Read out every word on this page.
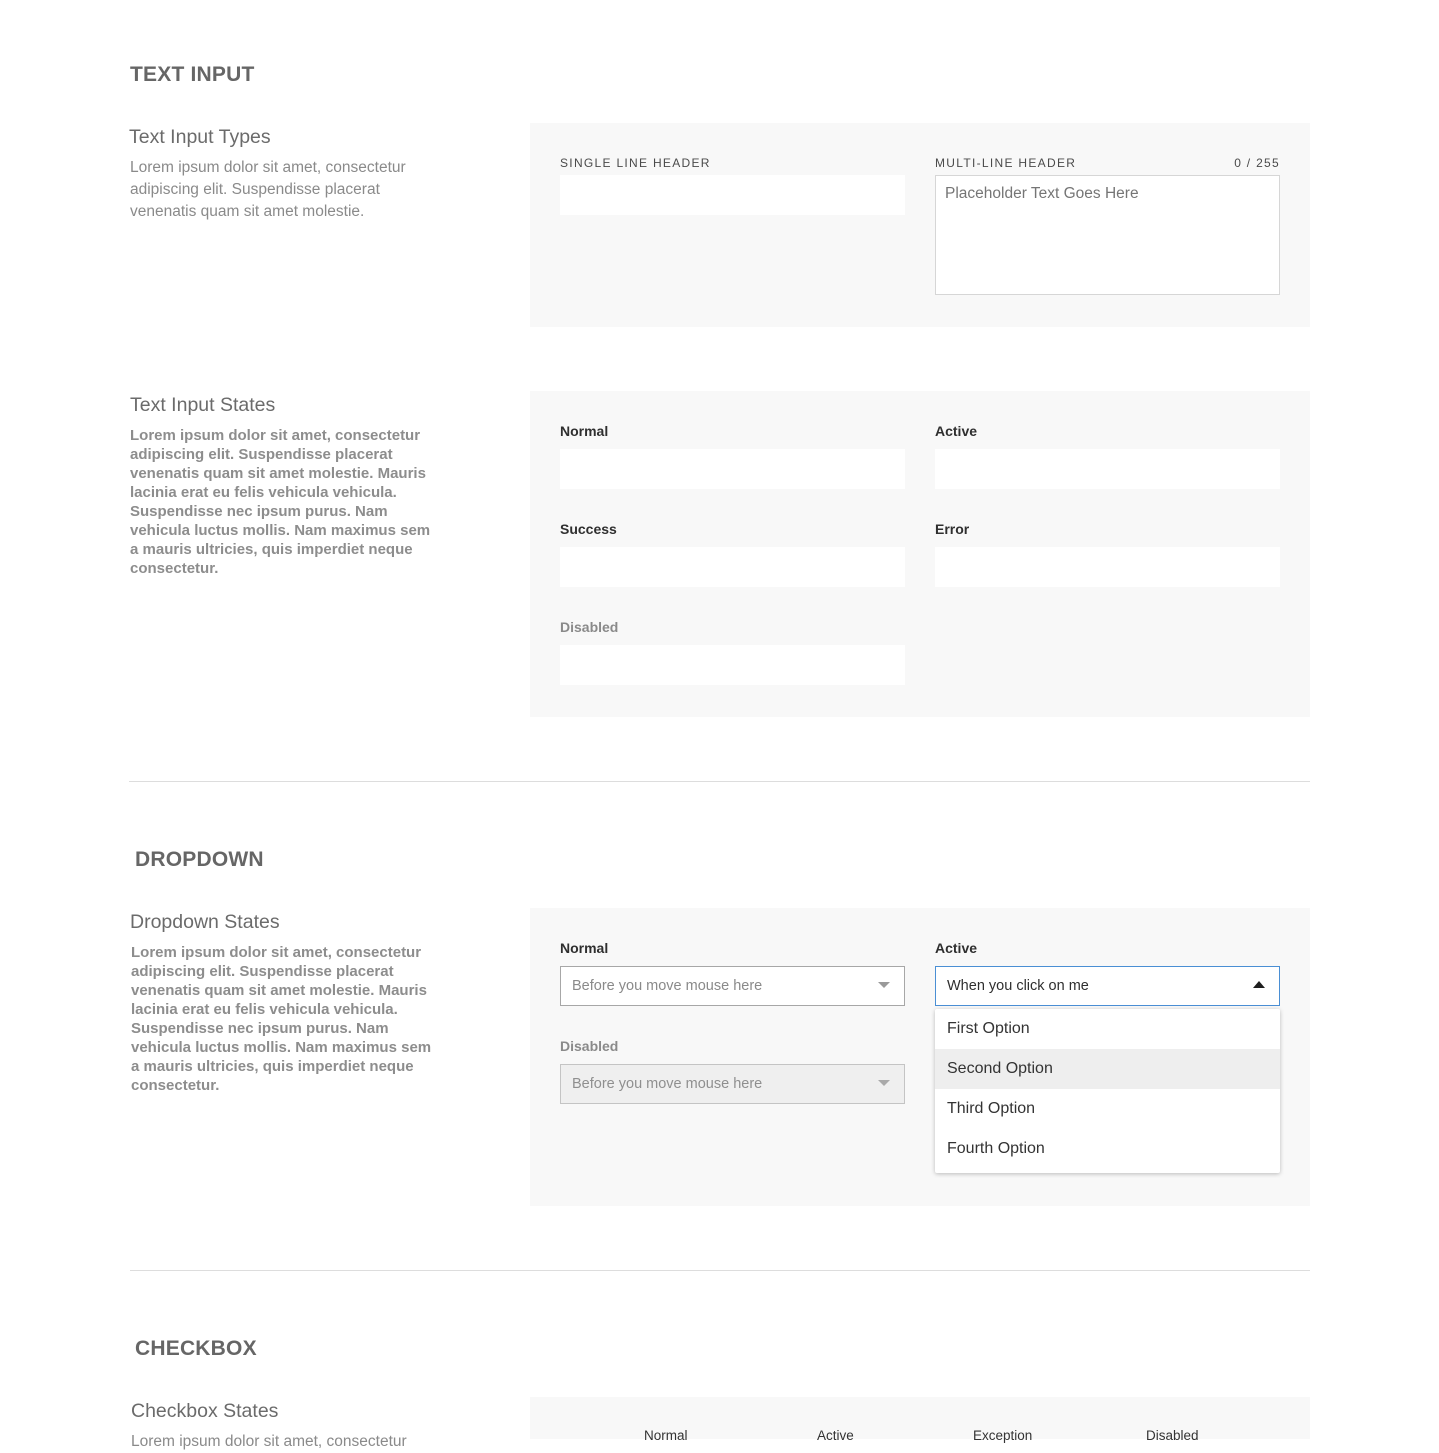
TEXT INPUT
Text Input Types
Lorem ipsum dolor sit amet, consectetur adipiscing elit. Suspendisse placerat venenatis quam sit amet molestie.
SINGLE LINE HEADER	MULTI-LINE HEADER	0 / 255
Placeholder Text Goes Here
Text Input States
Lorem ipsum dolor sit amet, consectetur adipiscing elit. Suspendisse placerat venenatis quam sit amet molestie. Mauris lacinia erat eu felis vehicula vehicula. Suspendisse nec ipsum purus. Nam vehicula luctus mollis. Nam maximus sem a mauris ultricies, quis imperdiet neque consectetur.
Normal	Active
Success	Error
Disabled
DROPDOWN
Dropdown States
Lorem ipsum dolor sit amet, consectetur adipiscing elit. Suspendisse placerat venenatis quam sit amet molestie. Mauris lacinia erat eu felis vehicula vehicula. Suspendisse nec ipsum purus. Nam vehicula luctus mollis. Nam maximus sem a mauris ultricies, quis imperdiet neque consectetur.
Normal
Before you move mouse here
Active
When you click on me
Disabled
Before you move mouse here
First Option
Second Option
Third Option
Fourth Option
CHECKBOX
Checkbox States
Lorem ipsum dolor sit amet, consectetur	Normal	Active	Exception	Disabled
